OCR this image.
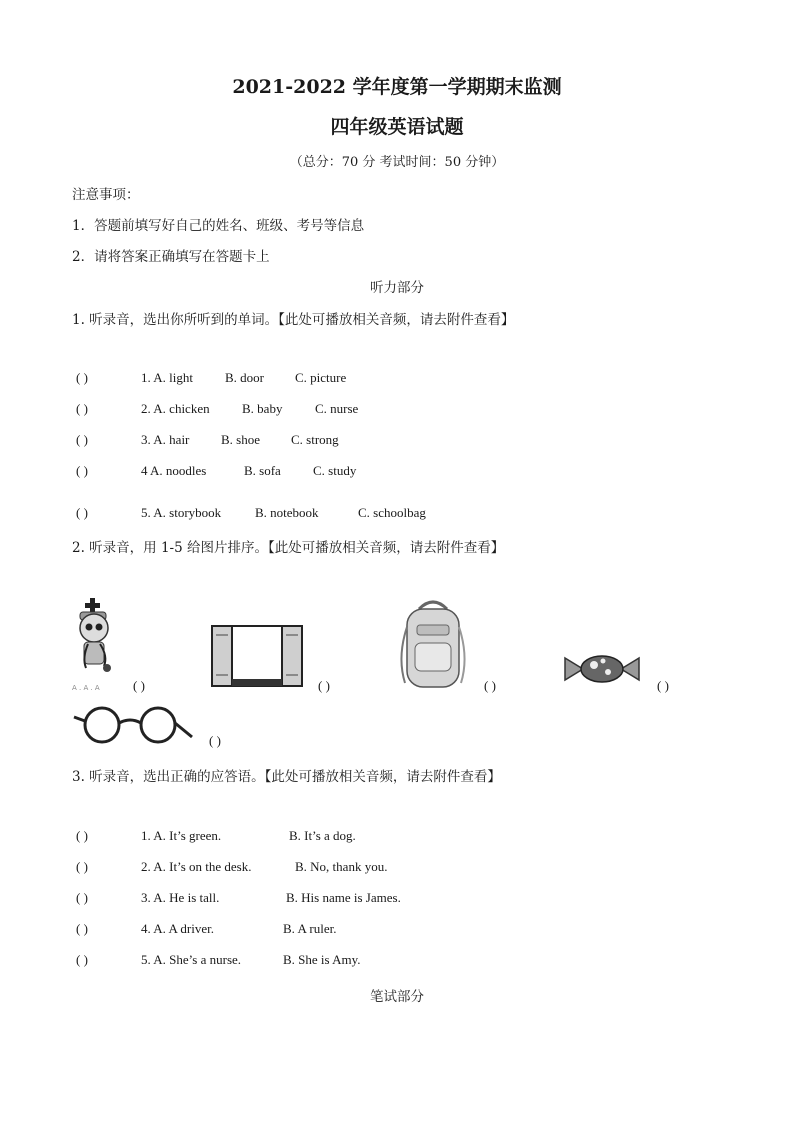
2021-2022 学年度第一学期期末监测
四年级英语试题
（总分：70 分 考试时间：50 分钟）
注意事项：
1．答题前填写好自己的姓名、班级、考号等信息
2．请将答案正确填写在答题卡上
听力部分
1. 听录音，选出你所听到的单词。【此处可播放相关音频，请去附件查看】
( )	1. A. light B. door C. picture
( )	2. A. chicken B. baby	C. nurse
( )	3. A. hair B. shoe C. strong
( )	4 A. noodles	B. sofa C. study
( )	5. A. storybook	B. notebook	C. schoolbag
2. 听录音，用 1-5 给图片排序。【此处可播放相关音频，请去附件查看】
A . A . A	( )	( )	( )	( )
( )
3. 听录音，选出正确的应答语。【此处可播放相关音频，请去附件查看】
( )	1. A. It’s green.	B. It’s a dog.
( )	2. A. It’s on the desk.	B. No, thank you.
( )	3. A. He is tall.	B. His name is James.
( )	4. A. A driver.	B. A ruler.
( )	5. A. She’s a nurse.	B. She is Amy.
笔试部分
